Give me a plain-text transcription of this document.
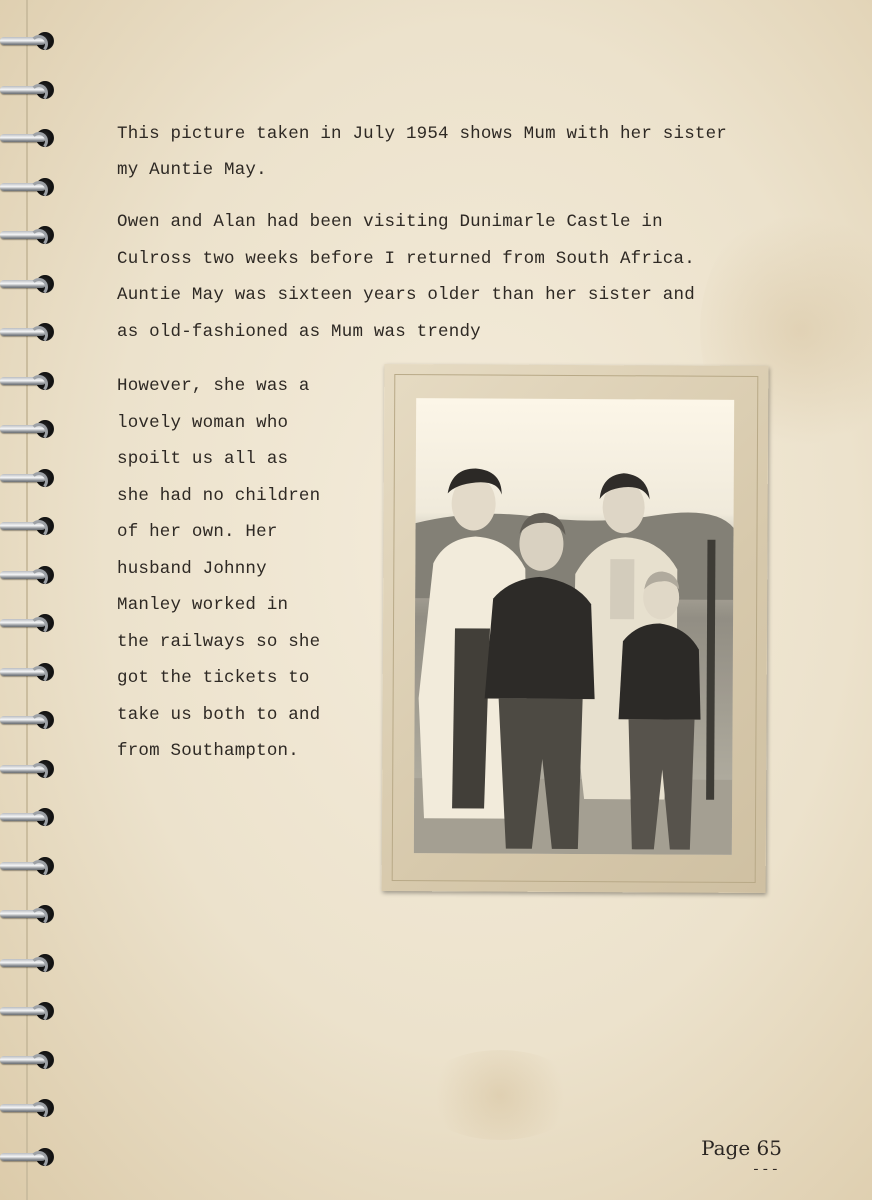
This picture taken in July 1954 shows Mum with her sister
my Auntie May.

Owen and Alan had been visiting Dunimarle Castle in
Culross two weeks before I returned from South Africa.
Auntie May was sixteen years older than her sister and
as old-fashioned as Mum was trendy

However, she was a
lovely woman who
spoilt us all as
she had no children
of her own. Her
husband Johnny
Manley worked in
the railways so she
got the tickets to
take us both to and
from Southampton.

Page 65
---
